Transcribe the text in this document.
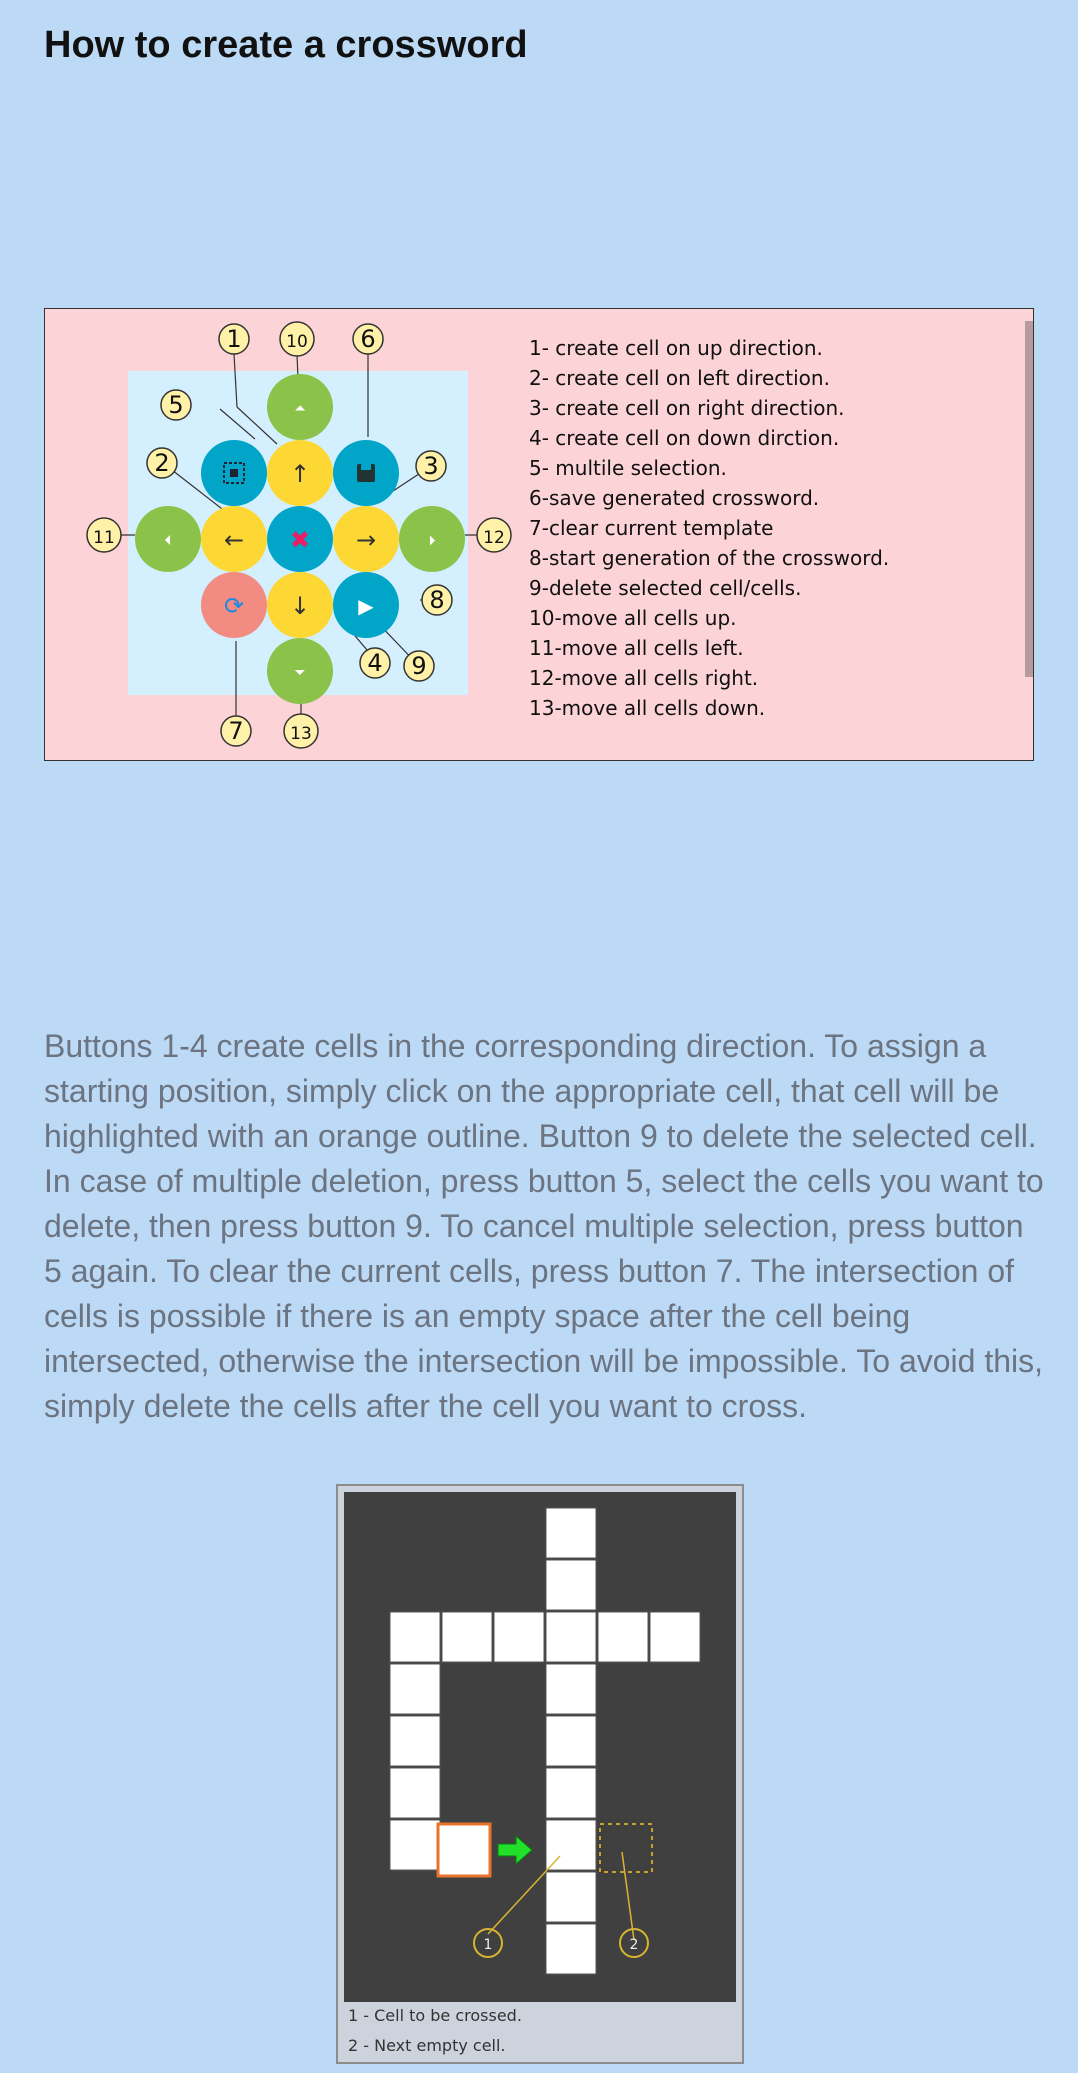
How to create a crossword
⏶
↑
⏴ ← ✖ →	⏵
⟳ ↓ ▶
⏷
1	10 6
5
2	3
11	12
8
4 9
7	13
1- create cell on up direction.
2- create cell on left direction.
3- create cell on right direction.
4- create cell on down dirction.
5- multile selection.
6-save generated crossword.
7-clear current template
8-start generation of the crossword.
9-delete selected cell/cells.
10-move all cells up.
11-move all cells left.
12-move all cells right.
13-move all cells down.

Buttons 1-4 create cells in the corresponding direction. To assign a starting position, simply click on the appropriate cell, that cell will be highlighted with an orange outline. Button 9 to delete the selected cell. In case of multiple deletion, press button 5, select the cells you want to delete, then press button 9. To cancel multiple selection, press button 5 again. To clear the current cells, press button 7. The intersection of cells is possible if there is an empty space after the cell being intersected, otherwise the intersection will be impossible. To avoid this, simply delete the cells after the cell you want to cross.

1	2
1 - Cell to be crossed.
2 - Next empty cell.
